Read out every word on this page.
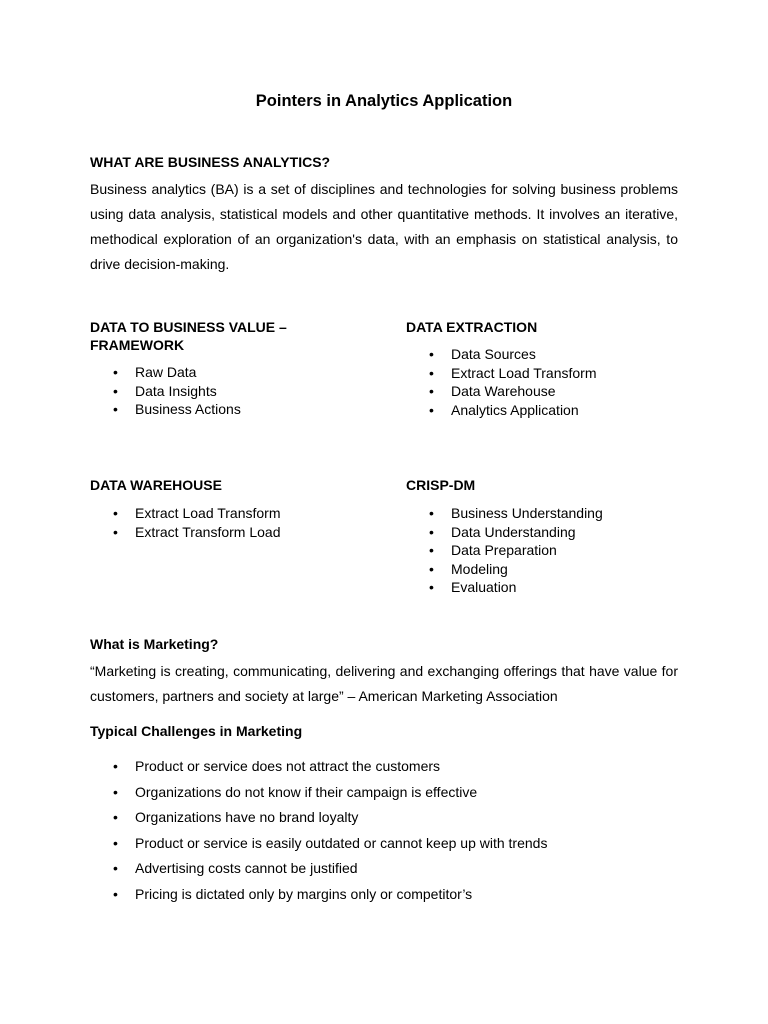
Pointers in Analytics Application
WHAT ARE BUSINESS ANALYTICS?
Business analytics (BA) is a set of disciplines and technologies for solving business problems using data analysis, statistical models and other quantitative methods. It involves an iterative, methodical exploration of an organization's data, with an emphasis on statistical analysis, to drive decision-making.
DATA TO BUSINESS VALUE –
FRAMEWORK
• Raw Data
• Data Insights
• Business Actions
DATA EXTRACTION
• Data Sources
• Extract Load Transform
• Data Warehouse
• Analytics Application
DATA WAREHOUSE
• Extract Load Transform
• Extract Transform Load
CRISP-DM
• Business Understanding
• Data Understanding
• Data Preparation
• Modeling
• Evaluation
What is Marketing?
“Marketing is creating, communicating, delivering and exchanging offerings that have value for customers, partners and society at large” – American Marketing Association
Typical Challenges in Marketing
• Product or service does not attract the customers
• Organizations do not know if their campaign is effective
• Organizations have no brand loyalty
• Product or service is easily outdated or cannot keep up with trends
• Advertising costs cannot be justified
• Pricing is dictated only by margins only or competitor’s
